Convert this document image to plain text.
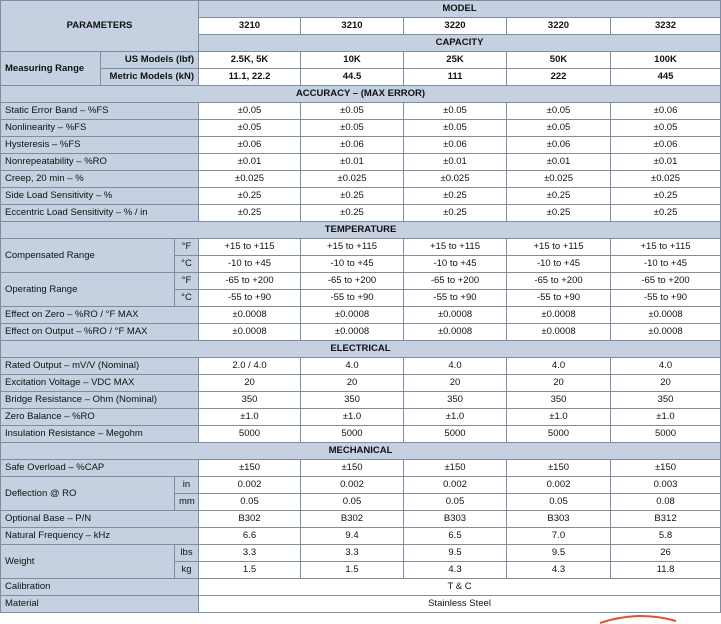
PARAMETERS			MODEL				
			3210	3210	3220	3220	3232
			CAPACITY				
Measuring Range	US Models (lbf)		2.5K, 5K	10K	25K	50K	100K
	Metric Models (kN)		11.1, 22.2	44.5	111	222	445
ACCURACY – (MAX ERROR)							
Static Error Band – %FS			±0.05	±0.05	±0.05	±0.05	±0.06
Nonlinearity – %FS			±0.05	±0.05	±0.05	±0.05	±0.05
Hysteresis – %FS			±0.06	±0.06	±0.06	±0.06	±0.06
Nonrepeatability – %RO			±0.01	±0.01	±0.01	±0.01	±0.01
Creep, 20 min – %			±0.025	±0.025	±0.025	±0.025	±0.025
Side Load Sensitivity – %			±0.25	±0.25	±0.25	±0.25	±0.25
Eccentric Load Sensitivity – % / in			±0.25	±0.25	±0.25	±0.25	±0.25
TEMPERATURE							
Compensated Range		°F	+15 to +115	+15 to +115	+15 to +115	+15 to +115	+15 to +115
		°C	-10 to +45	-10 to +45	-10 to +45	-10 to +45	-10 to +45
Operating Range		°F	-65 to +200	-65 to +200	-65 to +200	-65 to +200	-65 to +200
		°C	-55 to +90	-55 to +90	-55 to +90	-55 to +90	-55 to +90
Effect on Zero – %RO / °F MAX			±0.0008	±0.0008	±0.0008	±0.0008	±0.0008
Effect on Output – %RO / °F MAX			±0.0008	±0.0008	±0.0008	±0.0008	±0.0008
ELECTRICAL							
Rated Output – mV/V (Nominal)			2.0 / 4.0	4.0	4.0	4.0	4.0
Excitation Voltage – VDC MAX			20	20	20	20	20
Bridge Resistance – Ohm (Nominal)			350	350	350	350	350
Zero Balance – %RO			±1.0	±1.0	±1.0	±1.0	±1.0
Insulation Resistance – Megohm			5000	5000	5000	5000	5000
MECHANICAL							
Safe Overload – %CAP			±150	±150	±150	±150	±150
Deflection @ RO		in	0.002	0.002	0.002	0.002	0.003
		mm	0.05	0.05	0.05	0.05	0.08
Optional Base – P/N			B302	B302	B303	B303	B312
Natural Frequency – kHz			6.6	9.4	6.5	7.0	5.8
Weight		lbs	3.3	3.3	9.5	9.5	26
		kg	1.5	1.5	4.3	4.3	11.8
Calibration			T & C				
Material			Stainless Steel				
